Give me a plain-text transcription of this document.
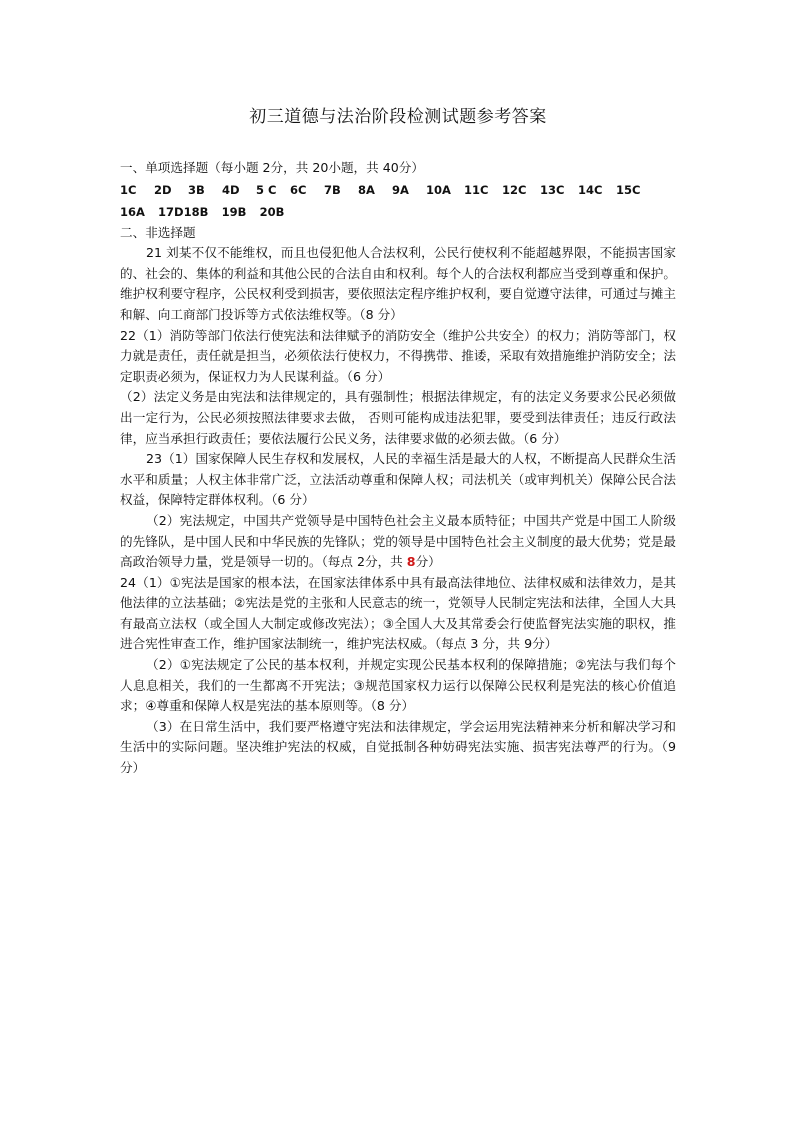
初三道德与法治阶段检测试题参考答案

一、单项选择题（每小题 2分，共 20小题，共 40分）

1C	2D	3B	4D	5 C	6C	7B	8A	9A	10A	11C	12C	13C	14C	15C
16A	17D 18B	19B	20B

二、非选择题

21 刘某不仅不能维权，而且也侵犯他人合法权利，公民行使权利不能超越界限，不能损害国家的、社会的、集体的利益和其他公民的合法自由和权利。每个人的合法权利都应当受到尊重和保护。维护权利要守程序，公民权利受到损害，要依照法定程序维护权利，要自觉遵守法律，可通过与摊主和解、向工商部门投诉等方式依法维权等。（8 分）

22（1）消防等部门依法行使宪法和法律赋予的消防安全（维护公共安全）的权力；消防等部门，权力就是责任，责任就是担当，必须依法行使权力，不得携带、推诿，采取有效措施维护消防安全；法定职责必须为，保证权力为人民谋利益。（6 分）

（2）法定义务是由宪法和法律规定的，具有强制性；根据法律规定，有的法定义务要求公民必须做出一定行为，公民必须按照法律要求去做， 否则可能构成违法犯罪，要受到法律责任；违反行政法律，应当承担行政责任；要依法履行公民义务，法律要求做的必须去做。（6 分）

23（1）国家保障人民生存权和发展权，人民的幸福生活是最大的人权，不断提高人民群众生活水平和质量；人权主体非常广泛，立法活动尊重和保障人权；司法机关（或审判机关）保障公民合法权益，保障特定群体权利。（6 分）

（2）宪法规定，中国共产党领导是中国特色社会主义最本质特征；中国共产党是中国工人阶级的先锋队，是中国人民和中华民族的先锋队；党的领导是中国特色社会主义制度的最大优势；党是最高政治领导力量，党是领导一切的。（每点 2分，共 8分）

24（1）①宪法是国家的根本法，在国家法律体系中具有最高法律地位、法律权威和法律效力，是其他法律的立法基础；②宪法是党的主张和人民意志的统一，党领导人民制定宪法和法律，全国人大具有最高立法权（或全国人大制定或修改宪法）；③全国人大及其常委会行使监督宪法实施的职权，推进合宪性审查工作，维护国家法制统一，维护宪法权威。（每点 3 分，共 9分）

（2）①宪法规定了公民的基本权利，并规定实现公民基本权利的保障措施；②宪法与我们每个人息息相关，我们的一生都离不开宪法；③规范国家权力运行以保障公民权利是宪法的核心价值追求；④尊重和保障人权是宪法的基本原则等。（8 分）

（3）在日常生活中，我们要严格遵守宪法和法律规定，学会运用宪法精神来分析和解决学习和生活中的实际问题。坚决维护宪法的权威，自觉抵制各种妨碍宪法实施、损害宪法尊严的行为。（9 分）
